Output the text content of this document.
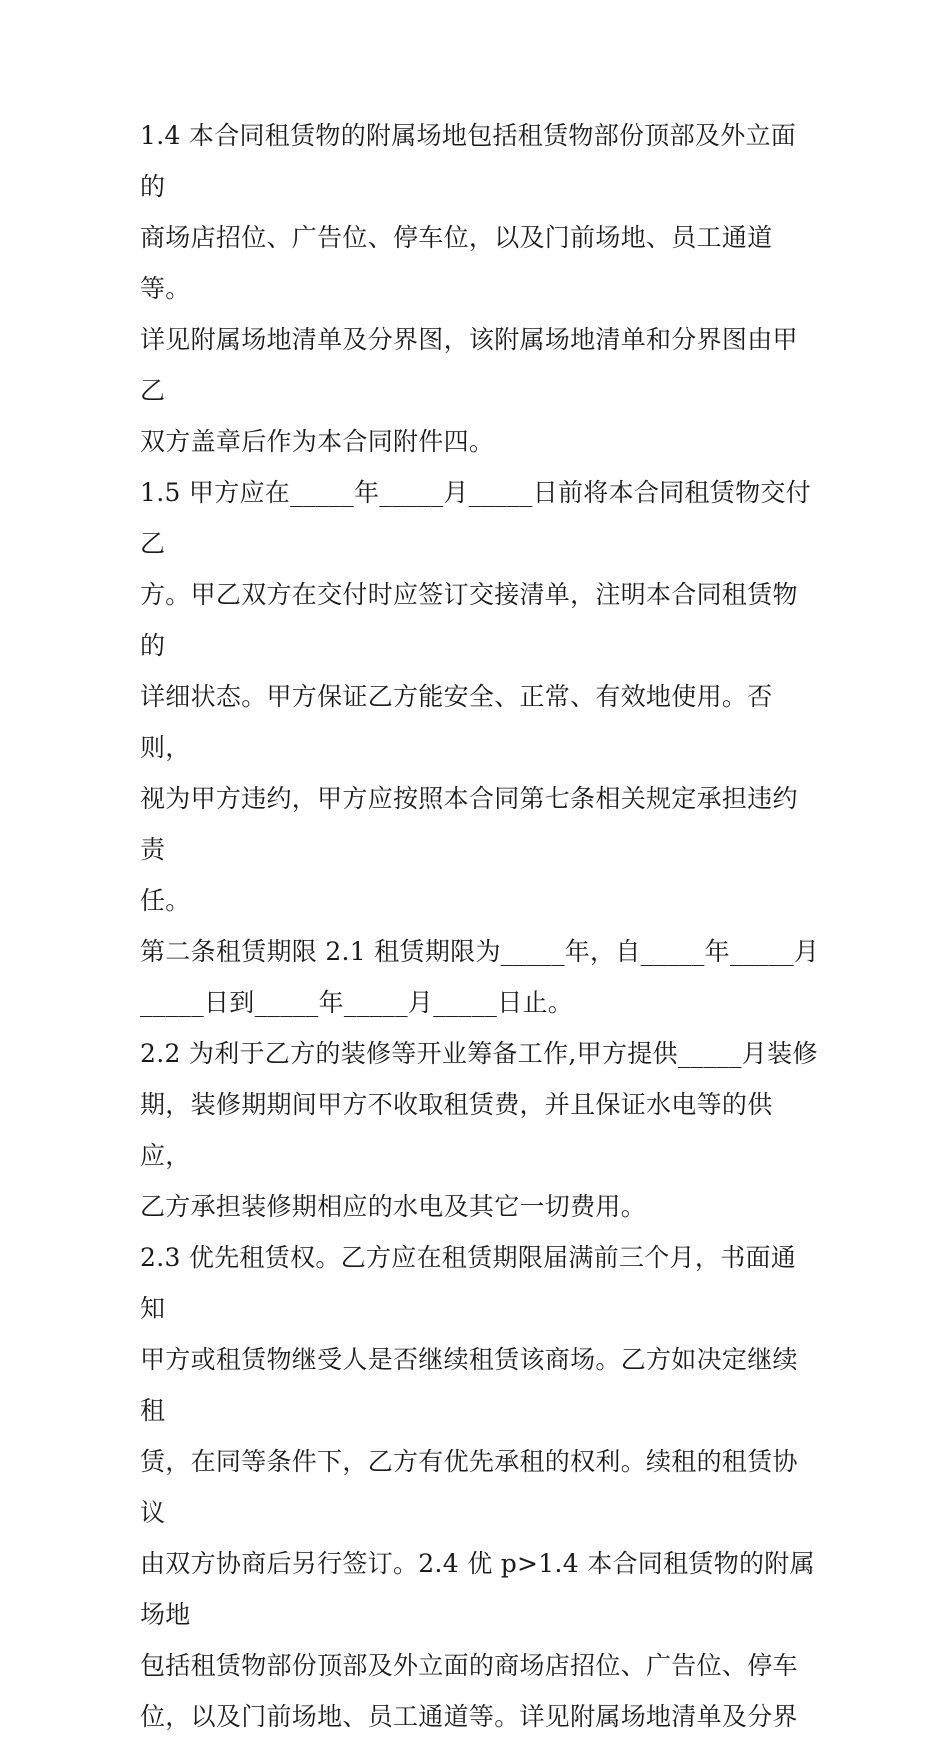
1.4 本合同租赁物的附属场地包括租赁物部份顶部及外立面的
商场店招位、广告位、停车位，以及门前场地、员工通道等。
详见附属场地清单及分界图，该附属场地清单和分界图由甲乙
双方盖章后作为本合同附件四。

1.5 甲方应在_____年_____月_____日前将本合同租赁物交付乙
方。甲乙双方在交付时应签订交接清单，注明本合同租赁物的
详细状态。甲方保证乙方能安全、正常、有效地使用。否则，
视为甲方违约，甲方应按照本合同第七条相关规定承担违约责
任。

第二条租赁期限 2.1 租赁期限为_____年，自_____年_____月
_____日到_____年_____月_____日止。

2.2 为利于乙方的装修等开业筹备工作,甲方提供_____月装修
期，装修期期间甲方不收取租赁费，并且保证水电等的供应，
乙方承担装修期相应的水电及其它一切费用。

2.3 优先租赁权。乙方应在租赁期限届满前三个月，书面通知
甲方或租赁物继受人是否继续租赁该商场。乙方如决定继续租
赁，在同等条件下，乙方有优先承租的权利。续租的租赁协议
由双方协商后另行签订。2.4 优 p>1.4 本合同租赁物的附属场地
包括租赁物部份顶部及外立面的商场店招位、广告位、停车
位，以及门前场地、员工通道等。详见附属场地清单及分界
